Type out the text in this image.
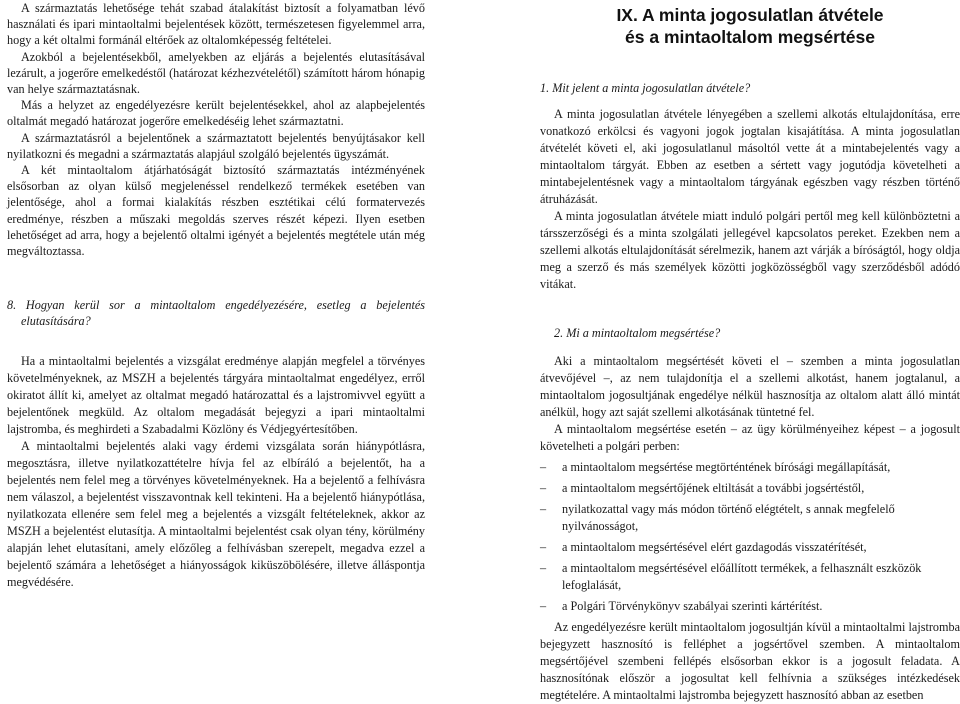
A származtatás lehetősége tehát szabad átalakítást biztosít a folyamatban lévő használati és ipari mintaoltalmi bejelentések között, természetesen figyelemmel arra, hogy a két oltalmi formánál eltérőek az oltalomképesség feltételei.

Azokból a bejelentésekből, amelyekben az eljárás a bejelentés elutasításával lezárult, a jogerőre emelkedéstől (határozat kézhezvételétől) számított három hónapig van helye származtatásnak.

Más a helyzet az engedélyezésre került bejelentésekkel, ahol az alapbejelentés oltalmát megadó határozat jogerőre emelkedéséig lehet származtatni.

A származtatásról a bejelentőnek a származtatott bejelentés benyújtásakor kell nyilatkozni és megadni a származtatás alapjául szolgáló bejelentés ügyszámát.

A két mintaoltalom átjárhatóságát biztosító származtatás intézményének elsősorban az olyan külső megjelenéssel rendelkező termékek esetében van jelentősége, ahol a formai kialakítás részben esztétikai célú formatervezés eredménye, részben a műszaki megoldás szerves részét képezi. Ilyen esetben lehetőséget ad arra, hogy a bejelentő oltalmi igényét a bejelentés megtétele után még megváltoztassa.

8. Hogyan kerül sor a mintaoltalom engedélyezésére, esetleg a bejelentés elutasítására?

Ha a mintaoltalmi bejelentés a vizsgálat eredménye alapján megfelel a törvényes követelményeknek, az MSZH a bejelentés tárgyára mintaoltalmat engedélyez, erről okiratot állít ki, amelyet az oltalmat megadó határozattal és a lajstromivvel együtt a bejelentőnek megküld. Az oltalom megadását bejegyzi a ipari mintaoltalmi lajstromba, és meghirdeti a Szabadalmi Közlöny és Védjegyértesítőben.

A mintaoltalmi bejelentés alaki vagy érdemi vizsgálata során hiánypótlásra, megosztásra, illetve nyilatkozattételre hívja fel az elbíráló a bejelentőt, ha a bejelentés nem felel meg a törvényes követelményeknek. Ha a bejelentő a felhívásra nem válaszol, a bejelentést visszavontnak kell tekinteni. Ha a bejelentő hiánypótlása, nyilatkozata ellenére sem felel meg a bejelentés a vizsgált feltételeknek, akkor az MSZH a bejelentést elutasítja. A mintaoltalmi bejelentést csak olyan tény, körülmény alapján lehet elutasítani, amely előzőleg a felhívásban szerepelt, megadva ezzel a bejelentő számára a lehetőséget a hiányosságok kiküszöbölésére, illetve álláspontja megvédésére.

IX. A minta jogosulatlan átvétele
és a mintaoltalom megsértése
1. Mit jelent a minta jogosulatlan átvétele?

A minta jogosulatlan átvétele lényegében a szellemi alkotás eltulajdonítása, erre vonatkozó erkölcsi és vagyoni jogok jogtalan kisajátítása. A minta jogosulatlan átvételét követi el, aki jogosulatlanul másoltól vette át a mintabejelentés vagy a mintaoltalom tárgyát. Ebben az esetben a sértett vagy jogutódja követelheti a mintabejelentésnek vagy a mintaoltalom tárgyának egészben vagy részben történő átruházását.

A minta jogosulatlan átvétele miatt induló polgári pertől meg kell különböztetni a társszerzőségi és a minta szolgálati jellegével kapcsolatos pereket. Ezekben nem a szellemi alkotás eltulajdonítását sérelmezik, hanem azt várják a bíróságtól, hogy oldja meg a szerző és más személyek közötti jogközösségből vagy szerződésből adódó vitákat.

2. Mi a mintaoltalom megsértése?

Aki a mintaoltalom megsértését követi el – szemben a minta jogosulatlan átvevőjével –, az nem tulajdonítja el a szellemi alkotást, hanem jogtalanul, a mintaoltalom jogosultjának engedélye nélkül hasznosítja az oltalom alatt álló mintát anélkül, hogy azt saját szellemi alkotásának tüntetné fel.

A mintaoltalom megsértése esetén – az ügy körülményeihez képest – a jogosult követelheti a polgári perben:

– a mintaoltalom megsértése megtörténtének bírósági megállapítását,
– a mintaoltalom megsértőjének eltiltását a további jogsértéstől,
– nyilatkozattal vagy más módon történő elégtételt, s annak megfelelő nyilvánosságot,
– a mintaoltalom megsértésével elért gazdagodás visszatérítését,
– a mintaoltalom megsértésével előállított termékek, a felhasznált eszközök lefoglalását,
– a Polgári Törvénykönyv szabályai szerinti kártérítést.

Az engedélyezésre került mintaoltalom jogosultján kívül a mintaoltalmi lajstromba bejegyzett hasznosító is felléphet a jogsértővel szemben. A mintaoltalom megsértőjével szembeni fellépés elsősorban ekkor is a jogosult feladata. A hasznosítónak először a jogosultat kell felhívnia a szükséges intézkedések megtételére. A mintaoltalmi lajstromba bejegyzett hasznosító abban az esetben
